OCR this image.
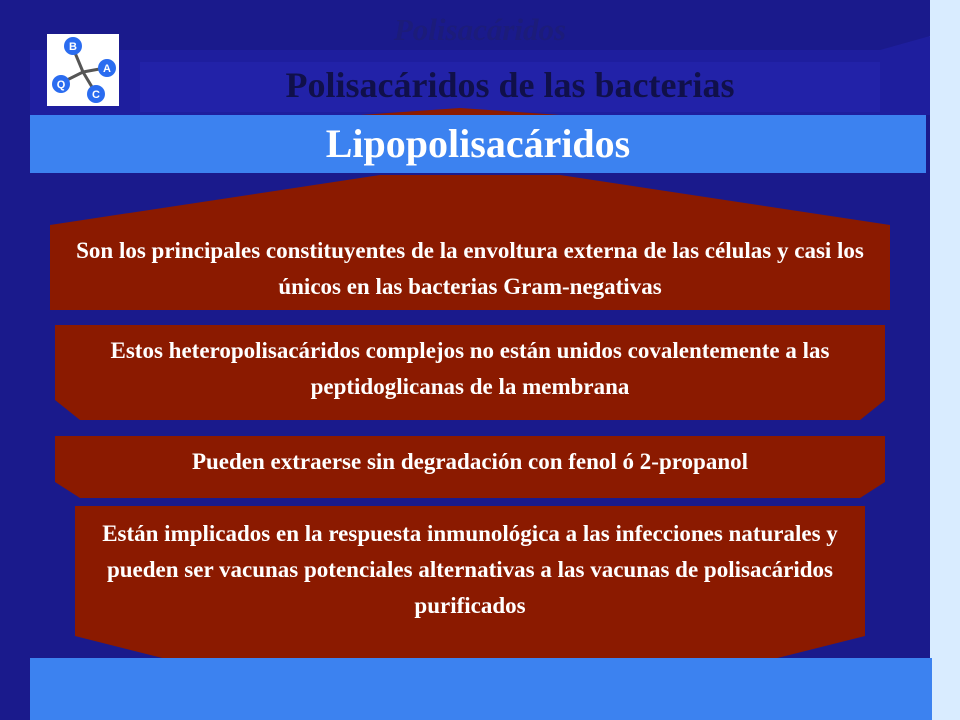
B
A
C
Q
Polisacáridos
Polisacáridos de las bacterias
Lipopolisacáridos
Son los principales constituyentes de la envoltura externa de las células y casi los únicos en las bacterias Gram-negativas
Estos heteropolisacáridos complejos no están unidos covalentemente a las peptidoglicanas de la membrana
Pueden extraerse sin degradación con fenol ó 2-propanol
Están implicados en la respuesta inmunológica a las infecciones naturales y pueden ser vacunas potenciales alternativas a las vacunas de polisacáridos purificados
